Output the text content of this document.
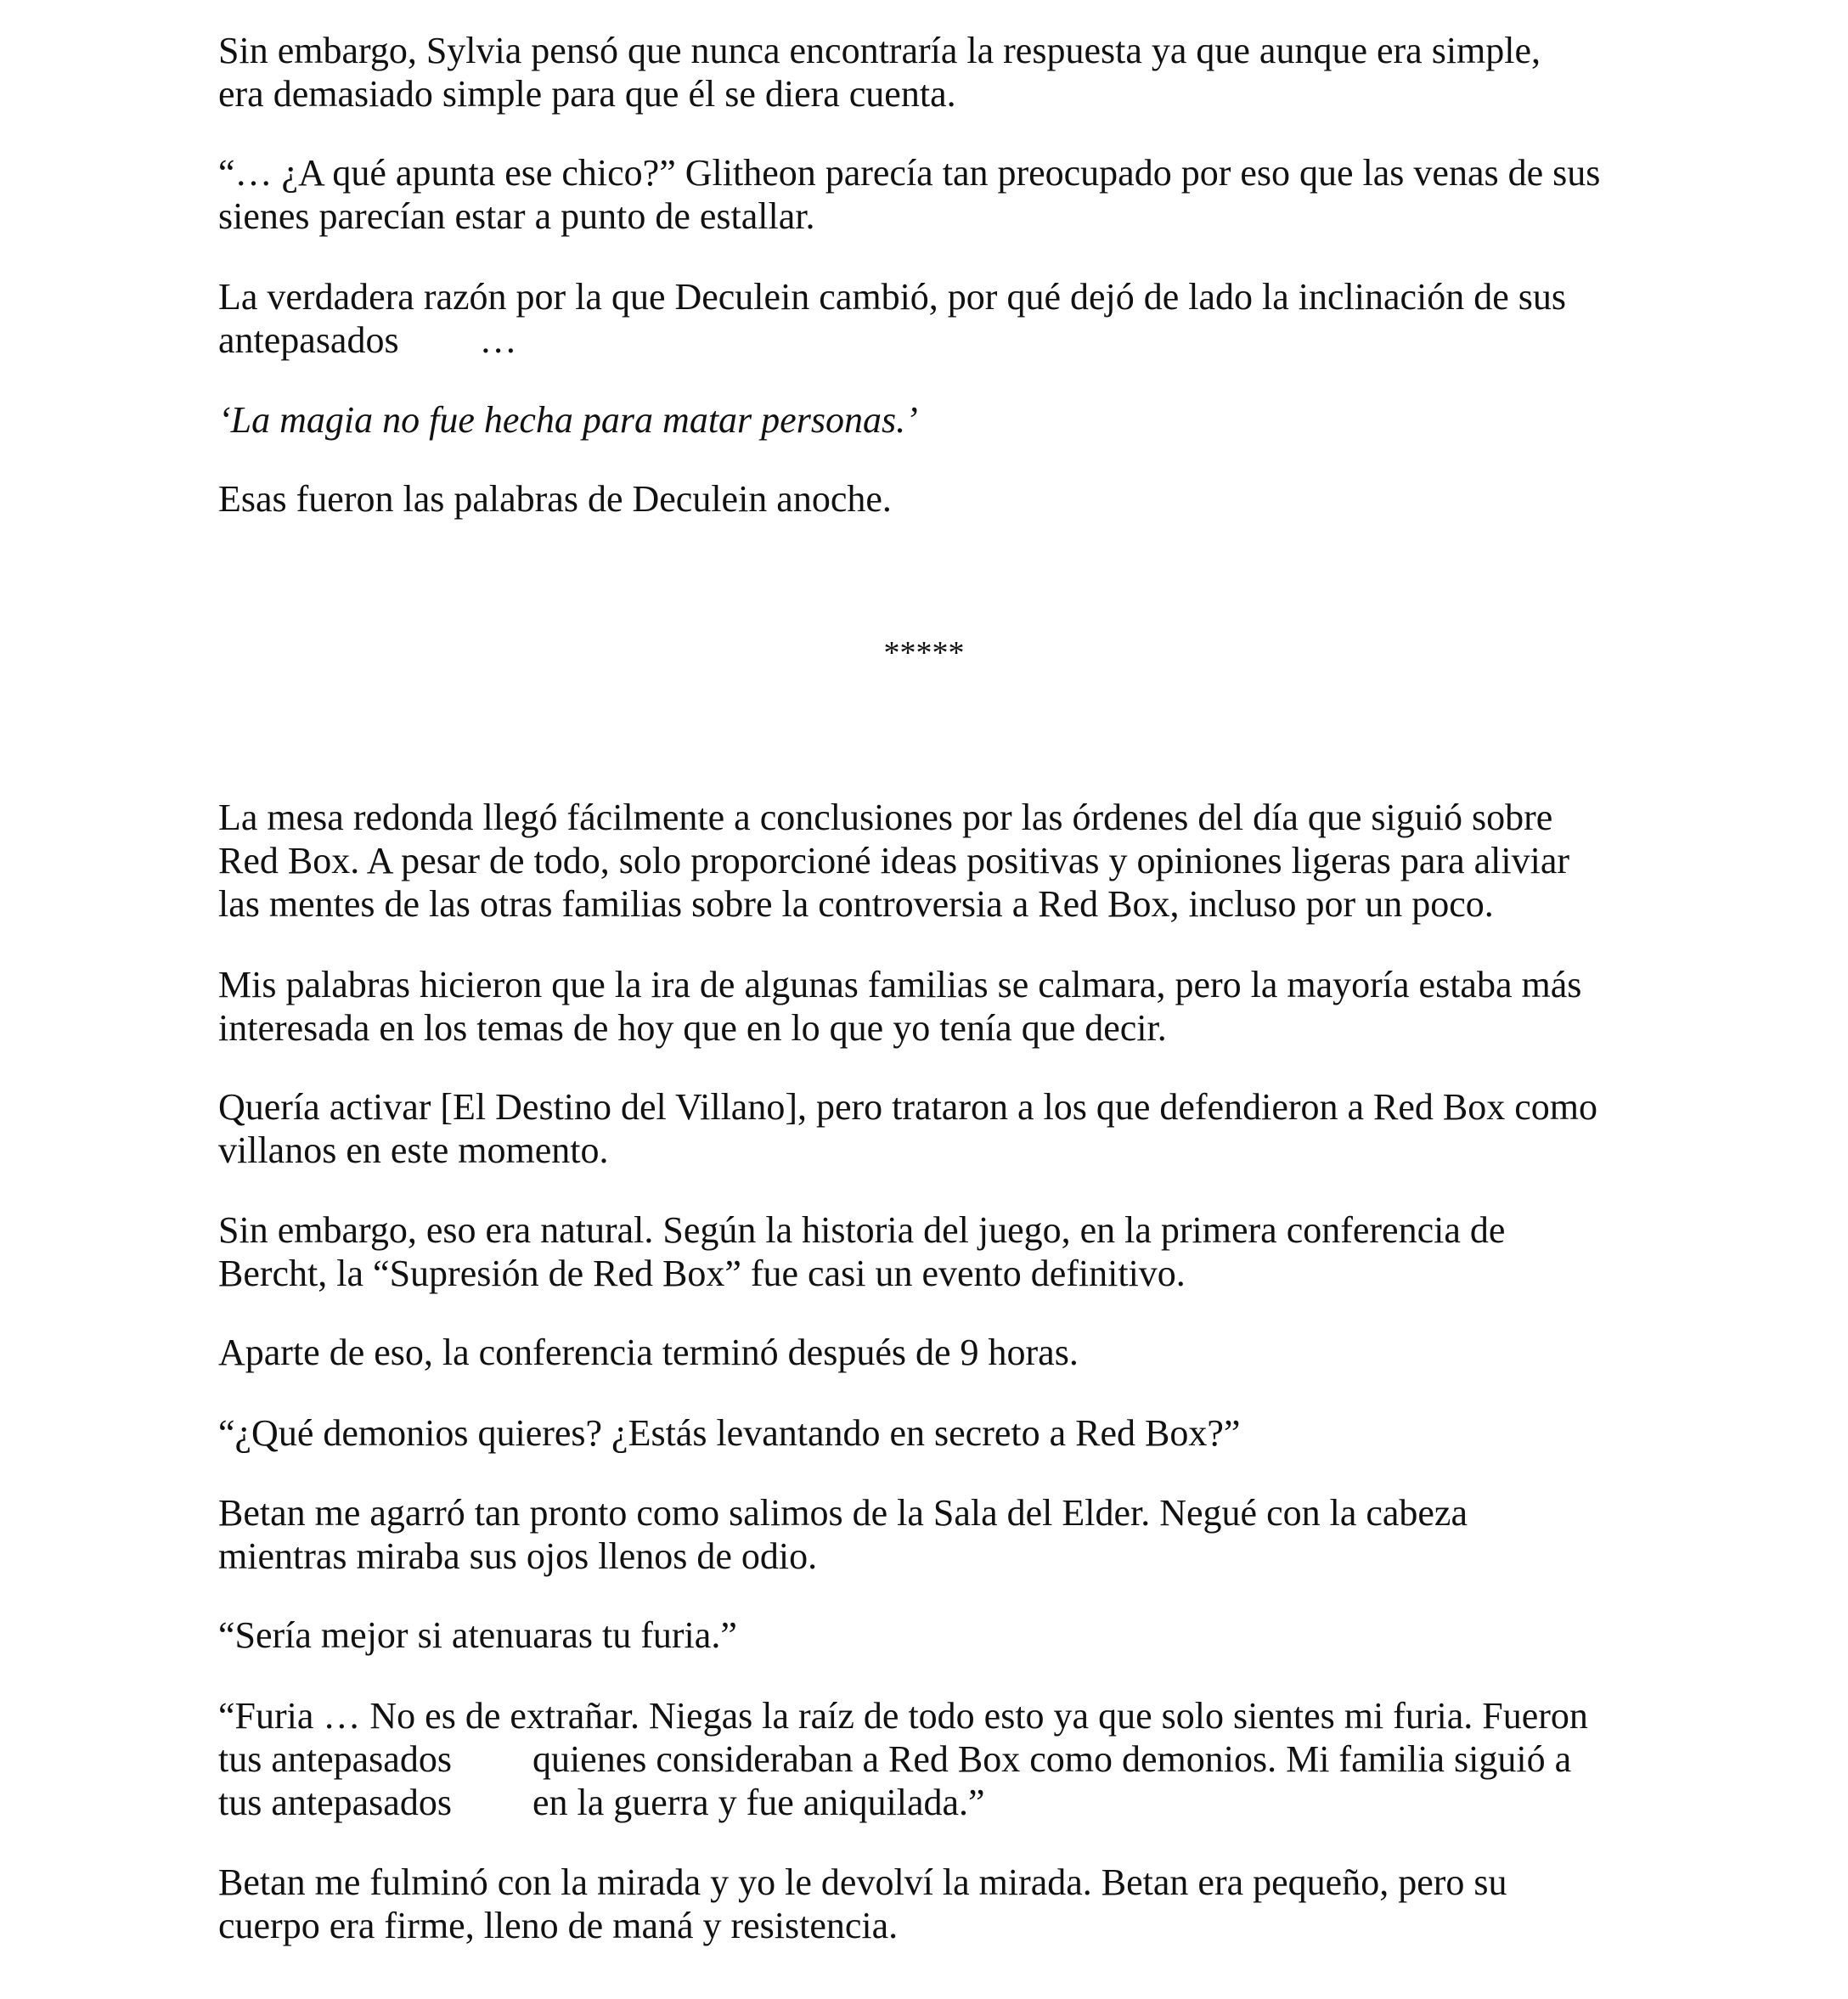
Sin embargo, Sylvia pensó que nunca encontraría la respuesta ya que aunque era simple,
era demasiado simple para que él se diera cuenta.
“… ¿A qué apunta ese chico?” Glitheon parecía tan preocupado por eso que las venas de sus
sienes parecían estar a punto de estallar.
La verdadera razón por la que Deculein cambió, por qué dejó de lado la inclinación de sus
antepasados …
‘La magia no fue hecha para matar personas.’
Esas fueron las palabras de Deculein anoche.
*****
La mesa redonda llegó fácilmente a conclusiones por las órdenes del día que siguió sobre
Red Box. A pesar de todo, solo proporcioné ideas positivas y opiniones ligeras para aliviar
las mentes de las otras familias sobre la controversia a Red Box, incluso por un poco.
Mis palabras hicieron que la ira de algunas familias se calmara, pero la mayoría estaba más
interesada en los temas de hoy que en lo que yo tenía que decir.
Quería activar [El Destino del Villano], pero trataron a los que defendieron a Red Box como
villanos en este momento.
Sin embargo, eso era natural. Según la historia del juego, en la primera conferencia de
Bercht, la “Supresión de Red Box” fue casi un evento definitivo.
Aparte de eso, la conferencia terminó después de 9 horas.
“¿Qué demonios quieres? ¿Estás levantando en secreto a Red Box?”
Betan me agarró tan pronto como salimos de la Sala del Elder. Negué con la cabeza
mientras miraba sus ojos llenos de odio.
“Sería mejor si atenuaras tu furia.”
“Furia … No es de extrañar. Niegas la raíz de todo esto ya que solo sientes mi furia. Fueron
tus antepasados quienes consideraban a Red Box como demonios. Mi familia siguió a
tus antepasados en la guerra y fue aniquilada.”
Betan me fulminó con la mirada y yo le devolví la mirada. Betan era pequeño, pero su
cuerpo era firme, lleno de maná y resistencia.
